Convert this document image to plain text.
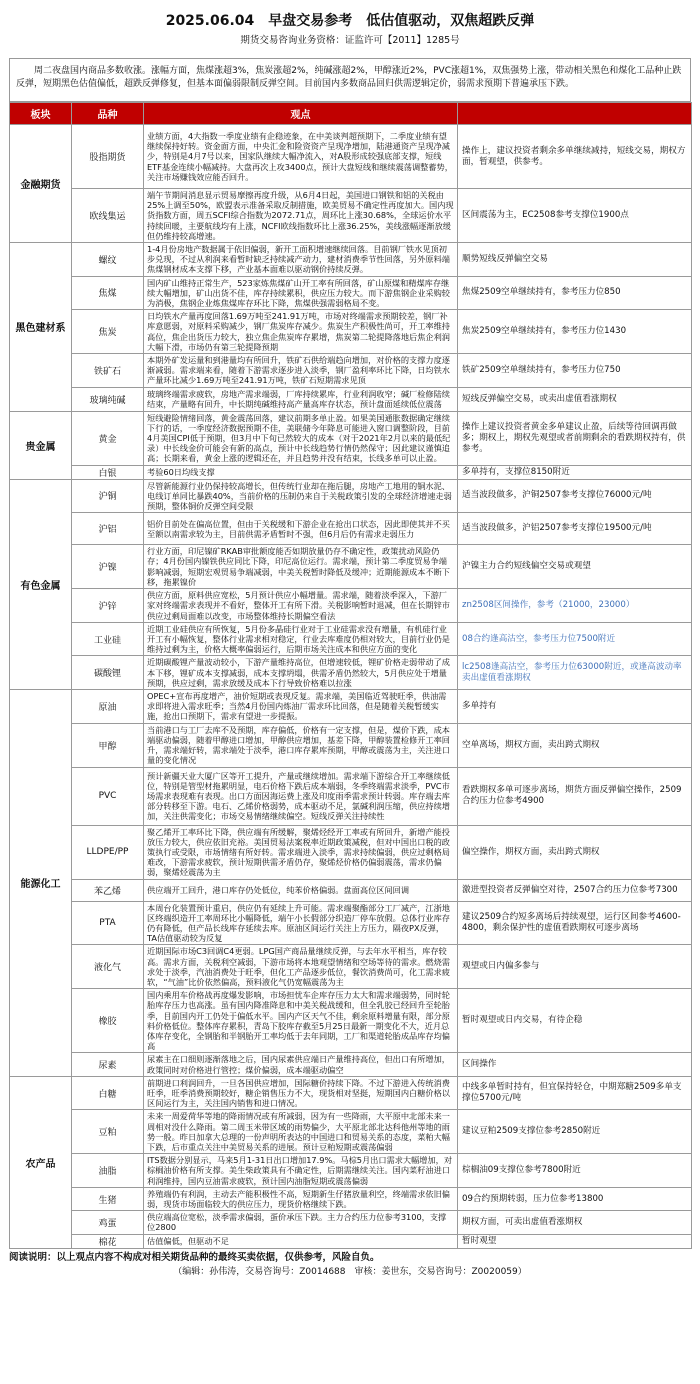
2025.06.04　早盘交易参考　低估值驱动，双焦超跌反弹
期货交易咨询业务资格：证监许可【2011】1285号
周二夜盘国内商品多数收涨。涨幅方面，焦煤涨超3%，焦炭涨超2%，纯碱涨超2%，甲醇涨近2%，PVC涨超1%，双焦强势上涨，带动相关黑色和煤化工品种止跌反弹，短期黑色估值偏低，超跌反弹修复，但基本面偏弱限制反弹空间。目前国内多数商品回归供需逻辑定价，弱需求预期下普遍承压下跌。
板块	品种	观点	
金融期货	股指期货	业绩方面，4大指数一季度业绩有企稳迹象，在中美谈判超预期下，二季度业绩有望继续保持好转。资金面方面，中央汇金和险资资产呈现净增加，陆港通资产呈现净减少，特别是4月7号以来，国家队继续大幅净流入，对A股形成较强底部支撑，短线ETF基金连续小幅减持。大盘再次上攻3400点，预计大盘短线和继续震荡调整蓄势，关注市场赚钱效应能否回升。	操作上，建议投资者剩余多单继续减持，短线交易，期权方面，暂观望，供参考。
	欧线集运	端午节期间消息显示贸易摩擦再度升级，从6月4日起，美国进口钢铁和铝的关税由25%上调至50%，欧盟表示准备采取反制措施，欧美贸易不确定性再度加大。国内现货指数方面，周五SCFI综合指数为2072.71点，周环比上涨30.68%，全球运价水平持续回暖，主要航线均有上涨，NCFI欧线指数环比上涨36.25%，美线涨幅逐渐放缓但仍维持较高增速。	区间震荡为主，EC2508参考支撑位1900点
黑色建材系	螺纹	1-4月份房地产数据属于依旧偏弱，新开工面积增速继续回落。目前钢厂铁水见顶初步兑现，不过从利润来看暂时缺乏持续减产动力，建材消费季节性回落，另外原料端焦煤钢材成本支撑下移，产业基本面难以驱动钢价持续反弹。	顺势短线反弹偏空交易
	焦煤	国内矿山维持正常生产，523家炼焦煤矿山开工率有所回落，矿山原煤和精煤库存继续大幅增加，矿山出货不佳，库存持续累积，供应压力较大。而下游焦钢企业采购较为消极，焦钢企业炼焦煤库存环比下降，焦煤供强需弱格局不变。	焦煤2509空单继续持有，参考压力位850
	焦炭	日均铁水产量再度回落1.69万吨至241.91万吨，市场对终端需求预期较差，钢厂补库意愿弱，对原料采购减少，钢厂焦炭库存减少。焦炭生产积极性尚可，开工率维持高位，焦企出货压力较大，独立焦企焦炭库存累增，焦炭第二轮提降落地后焦企利润大幅下滑，市场仍有第三轮提降预期	焦炭2509空单继续持有，参考压力位1430
	铁矿石	本期外矿发运量和到港量均有所回升，铁矿石供给端趋向增加，对价格的支撑力度逐渐减弱。需求端来看，随着下游需求逐步进入淡季，钢厂盈利率环比下降，日均铁水产量环比减少1.69万吨至241.91万吨，铁矿石短期需求见顶	铁矿2509空单继续持有，参考压力位750
	玻璃纯碱	玻璃终端需求疲软，房地产需求端弱，厂库持续累库，行业利润收窄；碱厂检修陆续结束，产量略有回升，中长期纯碱维持高产量高库存状态，预计盘面延续低位震荡	短线反弹偏空交易，或卖出虚值看涨期权
贵金属	黄金	短线避险情绪回落，黄金震荡回落，建议前期多单止盈。如果美国通胀数据确定继续下行的话，一季度经济数据预期不佳，美联储今年降息可能进入窗口调整阶段，目前4月美国CPI低于预期，但3月中下旬已然较大的成本（对于2021年2月以来的最低纪录）中长线金价可能会有新的高点，预计中长线趋势行情仍然保守；因此建议谨慎追高；长期来看，黄金上涨的逻辑还在，并且趋势并没有结束，长线多单可以止盈。	操作上建议投资者黄金多单建议止盈，后续等待回调再做多；期权上，期权先观望或者前期剩余的看跌期权持有，供参考。
	白银	考验60日均线支撑	多单持有，支撑位8150附近
有色金属	沪铜	尽管新能源行业仍保持较高增长，但传统行业却在拖后腿，房地产工地用的铜水泥、电线订单同比暴跌40%，当前价格的压制仍来自于关税政策引发的全球经济增速走弱预期，整体铜价反弹空间受限	适当波段做多，沪铜2507参考支撑位76000元/吨
	沪铝	铝价目前处在偏高位置，但由于关税缓和下游企业在抢出口状态，因此即使其并不买至额以南需求较为主，目前供需矛盾暂时不强，但6月后仍有需求走弱压力	适当波段做多，沪铝2507参考支撑位19500元/吨
	沪镍	行业方面，印尼镍矿RKAB审批额度能否如期放量仍存不确定性，政策扰动风险仍存；4月份国内镍铁供应同比下降，印尼高位运行。需求端，预计第二季度贸易争端影响减弱，短期宏观贸易争端减弱，中美关税暂时降低及缓冲；近期能源成本不断下移，拖累镍价	沪镍主力合约短线偏空交易或观望
	沪锌	供应方面，原料供应宽松，5月预计供应小幅增量。需求端，随着淡季深入，下游厂家对终端需求表现并不看好，整体开工有所下滑。关税影响暂时退减，但在长期锌市供应过剩局面难以改变，市场整体维持长期偏空看法	zn2508区间操作，参考（21000，23000）
	工业硅	近期工业硅供应有所恢复，5月份多晶硅行业对于工业硅需求没有增量，有机硅行业开工有小幅恢复，整体行业需求相对稳定，行业去库难度仍相对较大，目前行业仍是维持过剩为主，价格大概率偏弱运行，后期市场关注成本和供应方面的变化	08合约逢高沽空，参考压力位7500附近
	碳酸锂	近期碳酸锂产量波动较小，下游产量维持高位，但增速较低，锂矿价格走弱带动了成本下移，锂矿成本支撑减弱，成本支撑坍塌，供需矛盾仍然较大，5月供应处于增量预期，供应过剩，需求放缓及成本下行导致价格难以拉涨	lc2508逢高沽空，参考压力位63000附近，或逢高波动率卖出虚值看涨期权
能源化工	原油	OPEC+宣布再度增产，油价短期或表现反复。需求端，美国临近驾驶旺季，供油需求即将进入需求旺季；当然4月份国内炼油厂需求环比回落，但是随着关税暂缓实施，抢出口预期下，需求有望进一步提振。	多单持有
	甲醇	当前港口与工厂去库不及预期，库存偏低，价格有一定支撑，但是，煤价下跌，成本端驱动偏弱，随着甲醇进口增加，甲醇供应增加，基差下降，甲醇装置检修开工率回升，需求端好转，需求端处于淡季，港口库存累库预期，甲醇或震荡为主，关注进口量的变化情况	空单离场，期权方面，卖出跨式期权
	PVC	预计新疆天业大厦广区等开工提升，产量或继续增加。需求端下游综合开工率继续低位，特别是管型材拖累明显，电石价格下跌后成本端弱，冬季终端需求淡季，PVC市场需求表现难有表现。出口方面因海运费上涨及印度雨季需求预计转弱。库存端去库部分转移至下游。电石、乙烯价格弱势，成本驱动不足，氯碱利润压缩，供应持续增加，关注供需变化；市场交易情绪继续偏空。短线反弹关注持续性	看跌期权多单可逐步离场，期货方面反弹偏空操作，2509合约压力位参考4900
	LLDPE/PP	聚乙烯开工率环比下降，供应端有所缓解，聚烯烃经开工率或有所回升，新增产能投放压力较大，供应依旧充裕。美国贸易法案税率近期政策减税，但对中国出口税的政策执行或受限，市场情绪有所好转。需求端进入淡季，需求持续偏弱，供应过剩格局难改，下游需求疲软，预计短期供需矛盾仍存，聚烯烃价格仍偏弱震荡，需求仍偏弱，聚烯烃震荡为主	偏空操作，期权方面，卖出跨式期权
	苯乙烯	供应端开工回升，港口库存仍处低位，纯苯价格偏弱。盘面高位区间回调	激进型投资者反弹偏空对待，2507合约压力位参考7300
	PTA	本周台化装置预计重启，供应仍有延续上升可能。需求端聚酯部分工厂减产，江浙地区终端织造开工率周环比小幅降低，端午小长假部分织造厂停车放假。总体行业库存仍有降低，但产品长线库存延续去库。原油区间运行关注上方压力，隔夜PX反弹，TA估值驱动较为反复	建议2509合约短多离场后持续观望，运行区间参考4600-4800，剩余保护性的虚值看跌期权可逐步离场
	液化气	近期国际市场C3回调C4更弱。LPG国产商品量继续反弹，与去年水平相当，库存较高。需求方面，关税利空减弱，下游市场将本地观望情绪和空场等待的需求。燃烧需求处于淡季，汽油消费处于旺季，但化工产品逐步低位，餐饮消费尚可，化工需求疲软，“气油”比价依然偏高，预料液化气仍宽幅震荡为主	观望或日内偏多参与
	橡胶	国内乘用车价格战再度爆发影响，市场担忧车企库存压力太大和需求端弱势，同时轮胎库存压力也高涨。虽有国内降准降息和中美关税战缓和，但全乳胶已经回升至轮胎季，目前国内开工仍处于偏低水平。国内产区天气不佳，剩余原料增量有限，部分原料价格低位。整体库存累积，青岛下胶库存截至5月25日最新一期变化不大，近月总体库存变化，全钢胎和半钢胎开工率均低于去年同期，工厂和渠道轮胎成品库存均偏高	暂时观望或日内交易，有待企稳
	尿素	尿素主在口细则逐渐落地之后，国内尿素供应端日产量维持高位，但出口有所增加，政策同时对价格进行管控；煤价偏弱，成本端驱动偏空	区间操作
农产品	白糖	前期进口利润回升，一旦各国供应增加，国际糖价持续下降。不过下游进入传统消费旺季，旺季消费预期较好，糖企销售压力不大，现货相对坚挺，短期国内白糖价格以区间运行为主，关注国内销售和进口情况。	中线多单暂时持有，但宜保持轻仓，中期郑糖2509多单支撑位5700元/吨
	豆粕	未来一周爱荷华等地的降雨情况或有所减弱，因为有一些降雨，大平原中北部未来一周相对没什么降雨。第二周玉米带区域的雨势偏少，大平原北部北达科他州等地的雨势一般。昨日加拿大总理的一份声明所表达的中国进口和贸易关系的态度，菜粕大幅下跌，后市重点关注中美贸易关系的进展。预计豆粕短期或震荡偏弱	建议豆粕2509支撑位参考2850附近
	油脂	ITS数据分别显示，马来5月1-31日出口增加17.9%。马棕5月出口需求大幅增加，对棕榈油价格有所支撑。美生柴政策具有不确定性，后期需继续关注。国内菜籽油进口利润维持，国内豆油需求疲软，预计国内油脂短期或震荡偏弱	棕榈油09支撑位参考7800附近
	生猪	养殖端仍有利润，主动去产能积极性不高，短期新生仔猪放量利空，终端需求依旧偏弱，现货市场面临较大的供应压力，现货价格继续下跌。	09合约预期转弱，压力位参考13800
	鸡蛋	供应端高位宽松，淡季需求偏弱，蛋价承压下跌。主力合约压力位参考3100，支撑位2800	期权方面，可卖出虚值看涨期权
	棉花	估值偏低，但驱动不足	暂时观望
阅读说明：以上观点内容不构成对相关期货品种的最终买卖依据，仅供参考，风险自负。
（编辑：孙伟涛，交易咨询号：Z0014688　审核：姜世东，交易咨询号：Z0020059）
